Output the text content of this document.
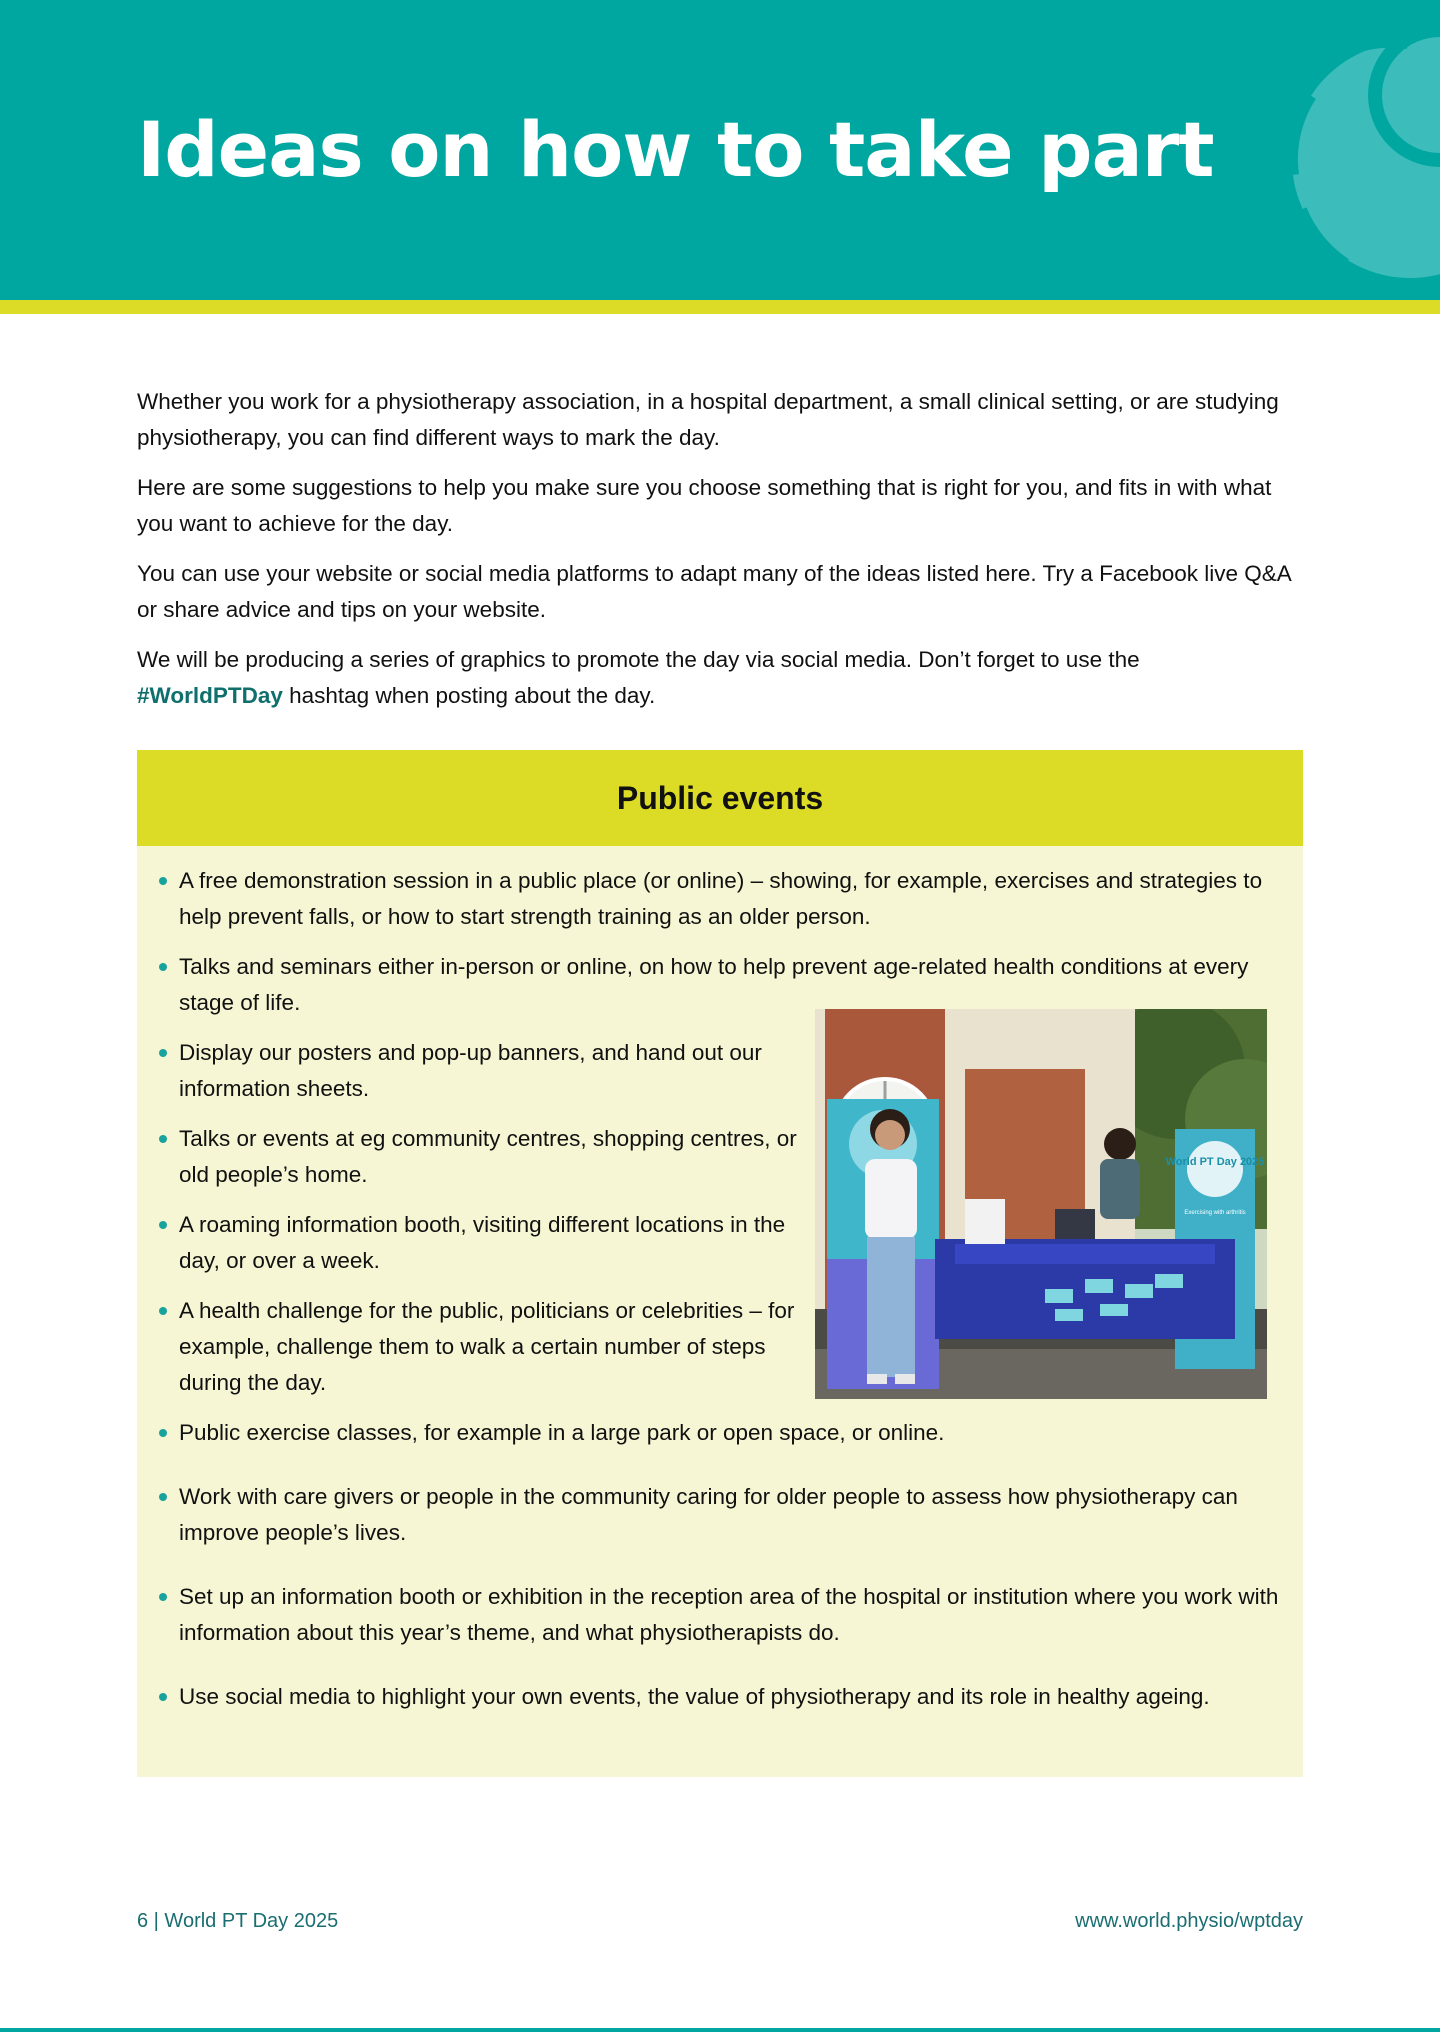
Ideas on how to take part

Whether you work for a physiotherapy association, in a hospital department, a small clinical setting, or are studying physiotherapy, you can find different ways to mark the day.

Here are some suggestions to help you make sure you choose something that is right for you, and fits in with what you want to achieve for the day.

You can use your website or social media platforms to adapt many of the ideas listed here. Try a Facebook live Q&A or share advice and tips on your website.

We will be producing a series of graphics to promote the day via social media. Don’t forget to use the
#WorldPTDay hashtag when posting about the day.

Public events
A free demonstration session in a public place (or online) – showing, for example, exercises and strategies to help prevent falls, or how to start strength training as an older person.
Talks and seminars either in-person or online, on how to help prevent age-related health conditions at every stage of life.
Display our posters and pop-up banners, and hand out our information sheets.
Talks or events at eg community centres, shopping centres, or old people’s home.
A roaming information booth, visiting different locations in the day, or over a week.
A health challenge for the public, politicians or celebrities – for example, challenge them to walk a certain number of steps during the day.
Public exercise classes, for example in a large park or open space, or online.
Work with care givers or people in the community caring for older people to assess how physiotherapy can improve people’s lives.
Set up an information booth or exhibition in the reception area of the hospital or institution where you work with information about this year’s theme, and what physiotherapists do.
Use social media to highlight your own events, the value of physiotherapy and its role in healthy ageing.
World PT Day 2025
Exercising with arthritis
6 | World PT Day 2025	www.world.physio/wptday
